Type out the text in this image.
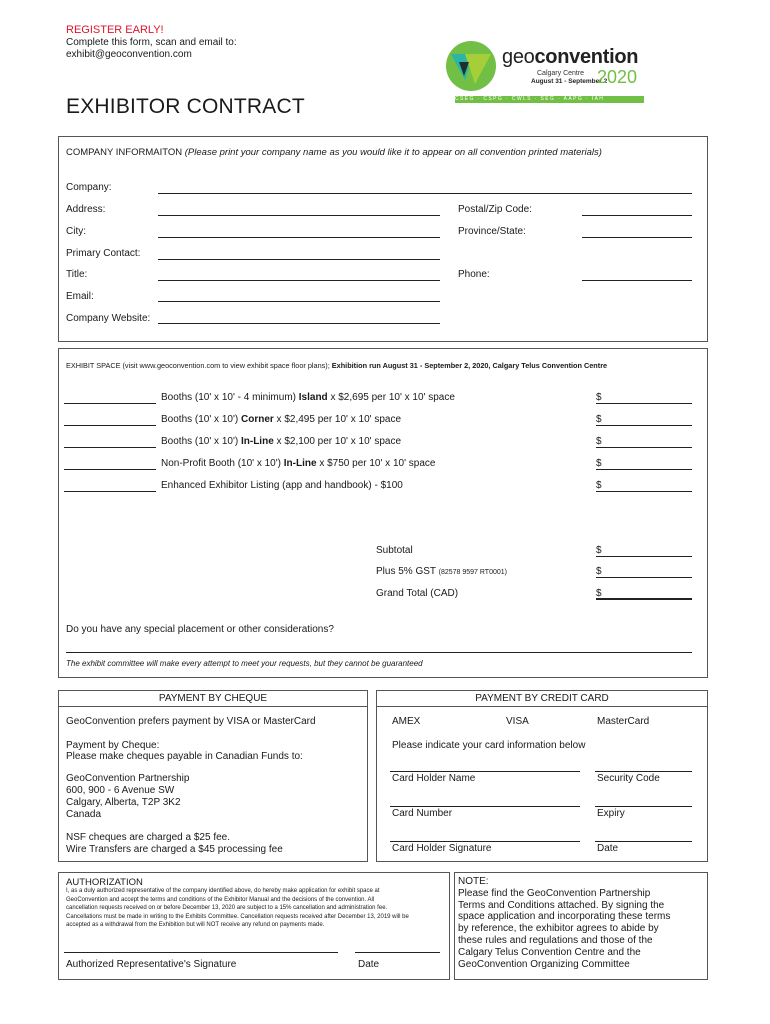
REGISTER EARLY!
Complete this form, scan and email to:
exhibit@geoconvention.com
EXHIBITOR CONTRACT
geoconvention
Calgary Centre
August 31 - September 2
2020
CSEG · CSPG · CWLS · SEG · AAPG · IAH
COMPANY INFORMAITON (Please print your company name as you would like it to appear on all convention printed materials)
Company:
Address:	Postal/Zip Code:
City:	Province/State:
Primary Contact:
Title:	Phone:
Email:
Company Website:
EXHIBIT SPACE (visit www.geoconvention.com to view exhibit space floor plans); Exhibition run August 31 - September 2, 2020, Calgary Telus Convention Centre
Booths (10' x 10' - 4 minimum) Island x $2,695 per 10' x 10' space	$
Booths (10' x 10') Corner x $2,495 per 10' x 10' space	$
Booths (10' x 10') In-Line x $2,100 per 10' x 10' space	$
Non-Profit Booth (10' x 10') In-Line x $750 per 10' x 10' space	$
Enhanced Exhibitor Listing (app and handbook) - $100	$
Subtotal	$
Plus 5% GST (82578 9597 RT0001)	$
Grand Total (CAD)	$
Do you have any special placement or other considerations?
The exhibit committee will make every attempt to meet your requests, but they cannot be guaranteed
PAYMENT BY CHEQUE
GeoConvention prefers payment by VISA or MasterCard
Payment by Cheque:
Please make cheques payable in Canadian Funds to:
GeoConvention Partnership
600, 900 - 6 Avenue SW
Calgary, Alberta, T2P 3K2
Canada
NSF cheques are charged a $25 fee.
Wire Transfers are charged a $45 processing fee
PAYMENT BY CREDIT CARD
AMEX	VISA	MasterCard
Please indicate your card information below
Card Holder Name	Security Code
Card Number	Expiry
Card Holder Signature	Date
AUTHORIZATION
I, as a duly authorized representative of the company identified above, do hereby make application for exhibit space at
GeoConvention and accept the terms and conditions of the Exhibitor Manual and the decisions of the convention. All
cancellation requests received on or before December 13, 2020 are subject to a 15% cancellation and administration fee.
Cancellations must be made in writing to the Exhibits Committee. Cancellation requests received after December 13, 2019 will be
accepted as a withdrawal from the Exhibition but will NOT receive any refund on payments made.
Authorized Representative's Signature	Date
NOTE:
Please find the GeoConvention Partnership
Terms and Conditions attached. By signing the
space application and incorporating these terms
by reference, the exhibitor agrees to abide by
these rules and regulations and those of the
Calgary Telus Convention Centre and the
GeoConvention Organizing Committee
